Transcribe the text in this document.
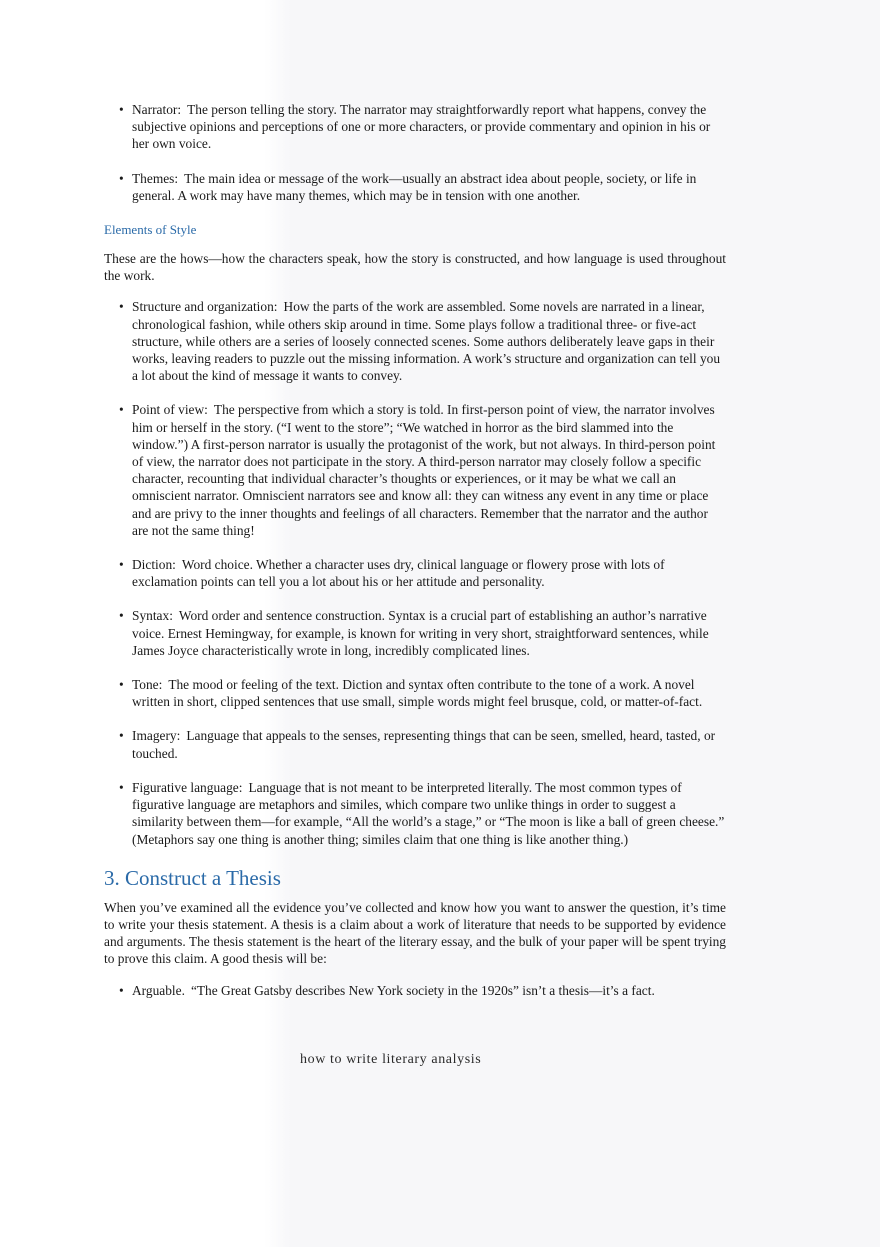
• Narrator: The person telling the story. The narrator may straightforwardly report what happens, convey the subjective opinions and perceptions of one or more characters, or provide commentary and opinion in his or her own voice.
• Themes: The main idea or message of the work—usually an abstract idea about people, society, or life in general. A work may have many themes, which may be in tension with one another.
Elements of Style
These are the hows—how the characters speak, how the story is constructed, and how language is used throughout the work.
• Structure and organization: How the parts of the work are assembled. Some novels are narrated in a linear, chronological fashion, while others skip around in time. Some plays follow a traditional three- or five-act structure, while others are a series of loosely connected scenes. Some authors deliberately leave gaps in their works, leaving readers to puzzle out the missing information. A work’s structure and organization can tell you a lot about the kind of message it wants to convey.
• Point of view: The perspective from which a story is told. In first-person point of view, the narrator involves him or herself in the story. (“I went to the store”; “We watched in horror as the bird slammed into the window.”) A first-person narrator is usually the protagonist of the work, but not always. In third-person point of view, the narrator does not participate in the story. A third-person narrator may closely follow a specific character, recounting that individual character’s thoughts or experiences, or it may be what we call an omniscient narrator. Omniscient narrators see and know all: they can witness any event in any time or place and are privy to the inner thoughts and feelings of all characters. Remember that the narrator and the author are not the same thing!
• Diction: Word choice. Whether a character uses dry, clinical language or flowery prose with lots of exclamation points can tell you a lot about his or her attitude and personality.
• Syntax: Word order and sentence construction. Syntax is a crucial part of establishing an author’s narrative voice. Ernest Hemingway, for example, is known for writing in very short, straightforward sentences, while James Joyce characteristically wrote in long, incredibly complicated lines.
• Tone: The mood or feeling of the text. Diction and syntax often contribute to the tone of a work. A novel written in short, clipped sentences that use small, simple words might feel brusque, cold, or matter-of-fact.
• Imagery: Language that appeals to the senses, representing things that can be seen, smelled, heard, tasted, or touched.
• Figurative language: Language that is not meant to be interpreted literally. The most common types of figurative language are metaphors and similes, which compare two unlike things in order to suggest a similarity between them—for example, “All the world’s a stage,” or “The moon is like a ball of green cheese.” (Metaphors say one thing is another thing; similes claim that one thing is like another thing.)
3. Construct a Thesis
When you’ve examined all the evidence you’ve collected and know how you want to answer the question, it’s time to write your thesis statement. A thesis is a claim about a work of literature that needs to be supported by evidence and arguments. The thesis statement is the heart of the literary essay, and the bulk of your paper will be spent trying to prove this claim. A good thesis will be:
• Arguable. “The Great Gatsby describes New York society in the 1920s” isn’t a thesis—it’s a fact.
how to write literary analysis
